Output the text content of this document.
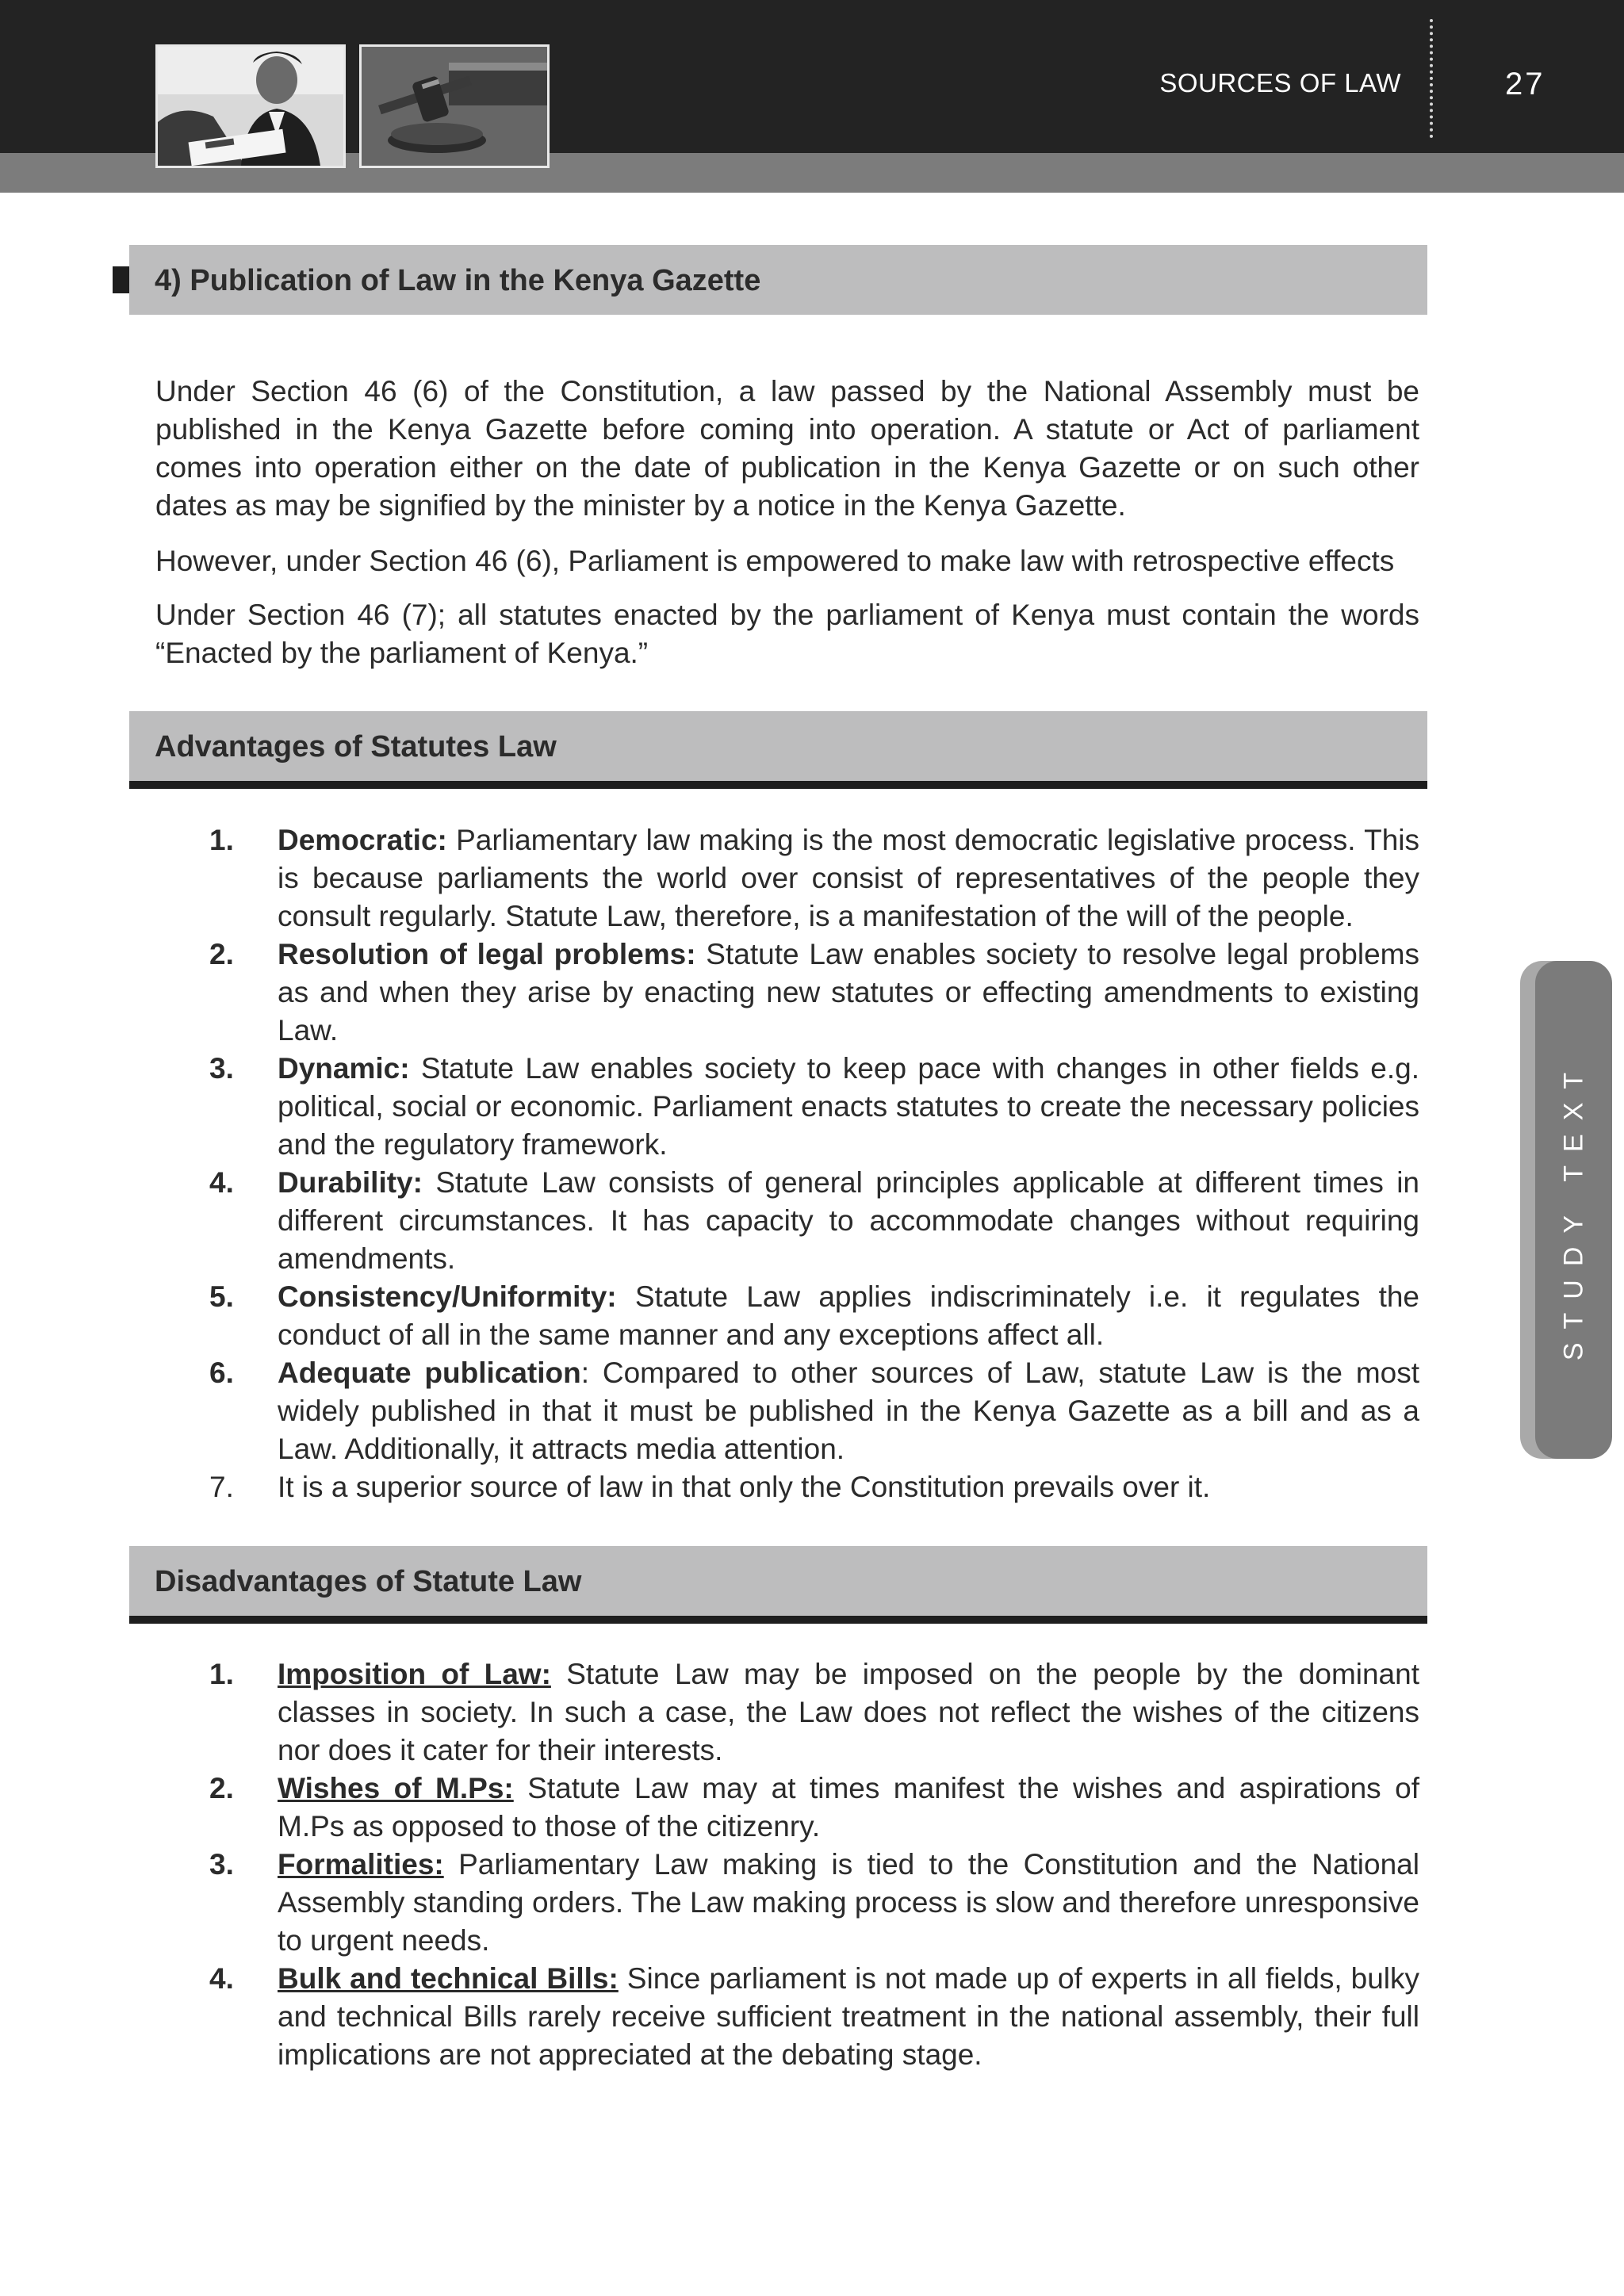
SOURCES OF LAW	27
4) Publication of Law in the Kenya Gazette

Under Section 46 (6) of the Constitution, a law passed by the National Assembly must be published in the Kenya Gazette before coming into operation. A statute or Act of parliament comes into operation either on the date of publication in the Kenya Gazette or on such other dates as may be signified by the minister by a notice in the Kenya Gazette.

However, under Section 46 (6), Parliament is empowered to make law with retrospective effects

Under Section 46 (7); all statutes enacted by the parliament of Kenya must contain the words “Enacted by the parliament of Kenya.”

Advantages of Statutes Law
1. Democratic: Parliamentary law making is the most democratic legislative process. This is because parliaments the world over consist of representatives of the people they consult regularly. Statute Law, therefore, is a manifestation of the will of the people.
2. Resolution of legal problems: Statute Law enables society to resolve legal problems as and when they arise by enacting new statutes or effecting amendments to existing Law.
3. Dynamic: Statute Law enables society to keep pace with changes in other fields e.g. political, social or economic. Parliament enacts statutes to create the necessary policies and the regulatory framework.
4. Durability: Statute Law consists of general principles applicable at different times in different circumstances. It has capacity to accommodate changes without requiring amendments.
5. Consistency/Uniformity: Statute Law applies indiscriminately i.e. it regulates the conduct of all in the same manner and any exceptions affect all.
6. Adequate publication: Compared to other sources of Law, statute Law is the most widely published in that it must be published in the Kenya Gazette as a bill and as a Law. Additionally, it attracts media attention.
7. It is a superior source of law in that only the Constitution prevails over it.
Disadvantages of Statute Law
1. Imposition of Law: Statute Law may be imposed on the people by the dominant classes in society. In such a case, the Law does not reflect the wishes of the citizens nor does it cater for their interests.
2. Wishes of M.Ps: Statute Law may at times manifest the wishes and aspirations of M.Ps as opposed to those of the citizenry.
3. Formalities: Parliamentary Law making is tied to the Constitution and the National Assembly standing orders. The Law making process is slow and therefore unresponsive to urgent needs.
4. Bulk and technical Bills: Since parliament is not made up of experts in all fields, bulky and technical Bills rarely receive sufficient treatment in the national assembly, their full implications are not appreciated at the debating stage.
STUDY TEXT
